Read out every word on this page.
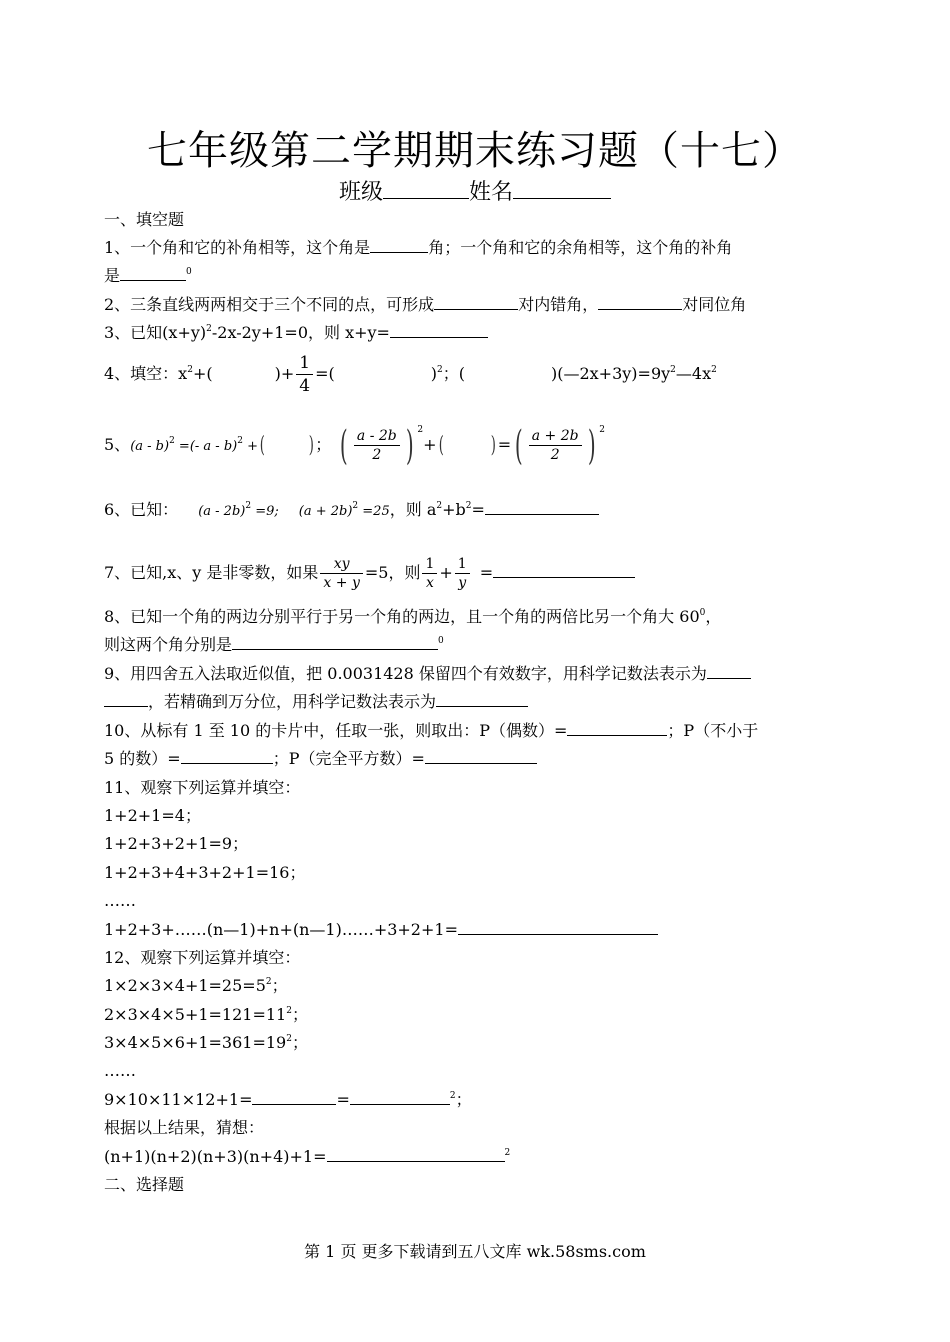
七年级第二学期期末练习题（十七）
班级	姓名
一、填空题
1、一个角和它的补角相等，这个角是	角；一个角和它的余角相等，这个角的补角
是	$^0$
2、三条直线两两相交于三个不同的点，可形成	对内错角，	对同位角
3、已知$(x+y)^2-2x-2y+1=0$，则 x+y=
4、填空：$x^2+$(	)+ $\frac{1}{4}$ =(	)$^2$；(	)$(—2x+3y)=9y^2—4x^2$
5、(a - b)$^2$ =(- a - b)$^2$ +( ) ； ( $\frac{a - 2b}{2}$ ) $^2$+( ) =( $\frac{a + 2b}{2}$ ) $^2$
6、已知： (a - 2b)$^2$ =9; $(a + 2b)^2 =25$，则 $a^2+b^2=$
7、已知,x、y 是非零数，如果 $\frac{xy}{x + y} =5$，则 $\frac{1}{x} + \frac{1}{y}$ =
8、已知一个角的两边分别平行于另一个角的两边，且一个角的两倍比另一个角大 $60^0$，
则这两个角分别是	$^0$
9、用四舍五入法取近似值，把 0.0031428 保留四个有效数字，用科学记数法表示为
，若精确到万分位，用科学记数法表示为
10、从标有 1 至 10 的卡片中，任取一张，则取出：P（偶数）=	；P（不小于
5 的数）=	；P（完全平方数）=
11、观察下列运算并填空：
1+2+1=4；
1+2+3+2+1=9；
1+2+3+4+3+2+1=16；
……
1+2+3+……(n—1)+n+(n—1)……+3+2+1=
12、观察下列运算并填空：
$1\times 2\times 3\times 4+1=25=5^2$；
$2\times 3\times 4\times 5+1=121=11^2$；
$3\times 4\times 5\times 6+1=361=19^2$；
……
9×10×11×12+1=	=	$^2$；
根据以上结果，猜想：
(n+1)(n+2)(n+3)(n+4)+1=	$^2$
二、选择题
第 1 页 更多下载请到五八文库 wk.58sms.com
